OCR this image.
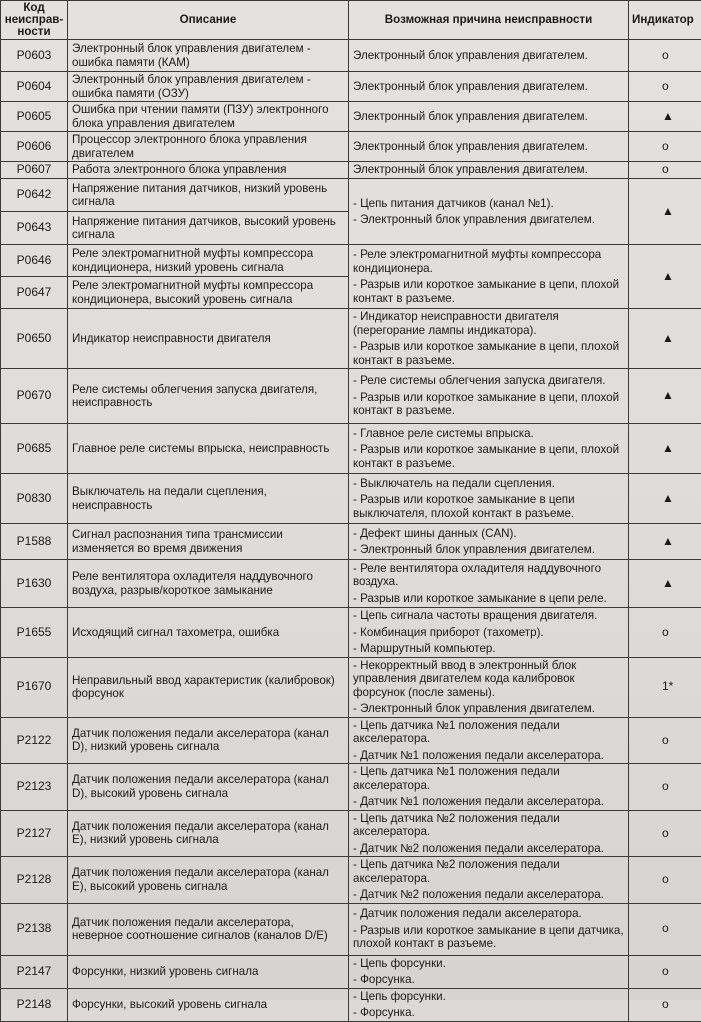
Код неисправ-ности	Описание	Возможная причина неисправности	Индикатор
P0603	Электронный блок управления двигателем - ошибка памяти (КАМ)	Электронный блок управления двигателем.	o
P0604	Электронный блок управления двигателем - ошибка памяти (ОЗУ)	Электронный блок управления двигателем.	o
P0605	Ошибка при чтении памяти (ПЗУ) электронного блока управления двигателем	Электронный блок управления двигателем.	▲
P0606	Процессор электронного блока управления двигателем	Электронный блок управления двигателем.	o
P0607	Работа электронного блока управления	Электронный блок управления двигателем.	o
P0642	Напряжение питания датчиков, низкий уровень сигнала	- Цепь питания датчиков (канал №1).

- Электронный блок управления двигателем.	▲
P0643	Напряжение питания датчиков, высокий уровень сигнала		
P0646	Реле электромагнитной муфты компрессора кондиционера, низкий уровень сигнала	- Реле электромагнитной муфты компрессора кондиционера.

- Разрыв или короткое замыкание в цепи, плохой контакт в разъеме.	▲
P0647	Реле электромагнитной муфты компрессора кондиционера, высокий уровень сигнала		
P0650	Индикатор неисправности двигателя	- Индикатор неисправности двигателя (перегорание лампы индикатора).

- Разрыв или короткое замыкание в цепи, плохой контакт в разъеме.	▲
P0670	Реле системы облегчения запуска двигателя, неисправность	- Реле системы облегчения запуска двигателя.

- Разрыв или короткое замыкание в цепи, плохой контакт в разъеме.	▲
P0685	Главное реле системы впрыска, неисправность	- Главное реле системы впрыска.

- Разрыв или короткое замыкание в цепи, плохой контакт в разъеме.	▲
P0830	Выключатель на педали сцепления, неисправность	- Выключатель на педали сцепления.

- Разрыв или короткое замыкание в цепи выключателя, плохой контакт в разъеме.	▲
P1588	Сигнал распознания типа трансмиссии изменяется во время движения	- Дефект шины данных (CAN).

- Электронный блок управления двигателем.	▲
P1630	Реле вентилятора охладителя наддувочного воздуха, разрыв/короткое замыкание	- Реле вентилятора охладителя наддувочного воздуха.

- Разрыв или короткое замыкание в цепи реле.	▲
P1655	Исходящий сигнал тахометра, ошибка	- Цепь сигнала частоты вращения двигателя.

- Комбинация приборот (тахометр).

- Маршрутный компьютер.	o
P1670	Неправильный ввод характеристик (калибровок) форсунок	- Некорректный ввод в электронный блок управления двигателем кода калибровок форсунок (после замены).

- Электронный блок управления двигателем.	1*
P2122	Датчик положения педали акселератора (канал D), низкий уровень сигнала	- Цепь датчика №1 положения педали акселератора.

- Датчик №1 положения педали акселератора.	o
P2123	Датчик положения педали акселератора (канал D), высокий уровень сигнала	- Цепь датчика №1 положения педали акселератора.

- Датчик №1 положения педали акселератора.	o
P2127	Датчик положения педали акселератора (канал E), низкий уровень сигнала	- Цепь датчика №2 положения педали акселератора.

- Датчик №2 положения педали акселератора.	o
P2128	Датчик положения педали акселератора (канал E), высокий уровень сигнала	- Цепь датчика №2 положения педали акселератора.

- Датчик №2 положения педали акселератора.	o
P2138	Датчик положения педали акселератора, неверное соотношение сигналов (каналов D/E)	- Датчик положения педали акселератора.

- Разрыв или короткое замыкание в цепи датчика, плохой контакт в разъеме.	o
P2147	Форсунки, низкий уровень сигнала	- Цепь форсунки.

- Форсунка.	o
P2148	Форсунки, высокий уровень сигнала	- Цепь форсунки.

- Форсунка.	o
